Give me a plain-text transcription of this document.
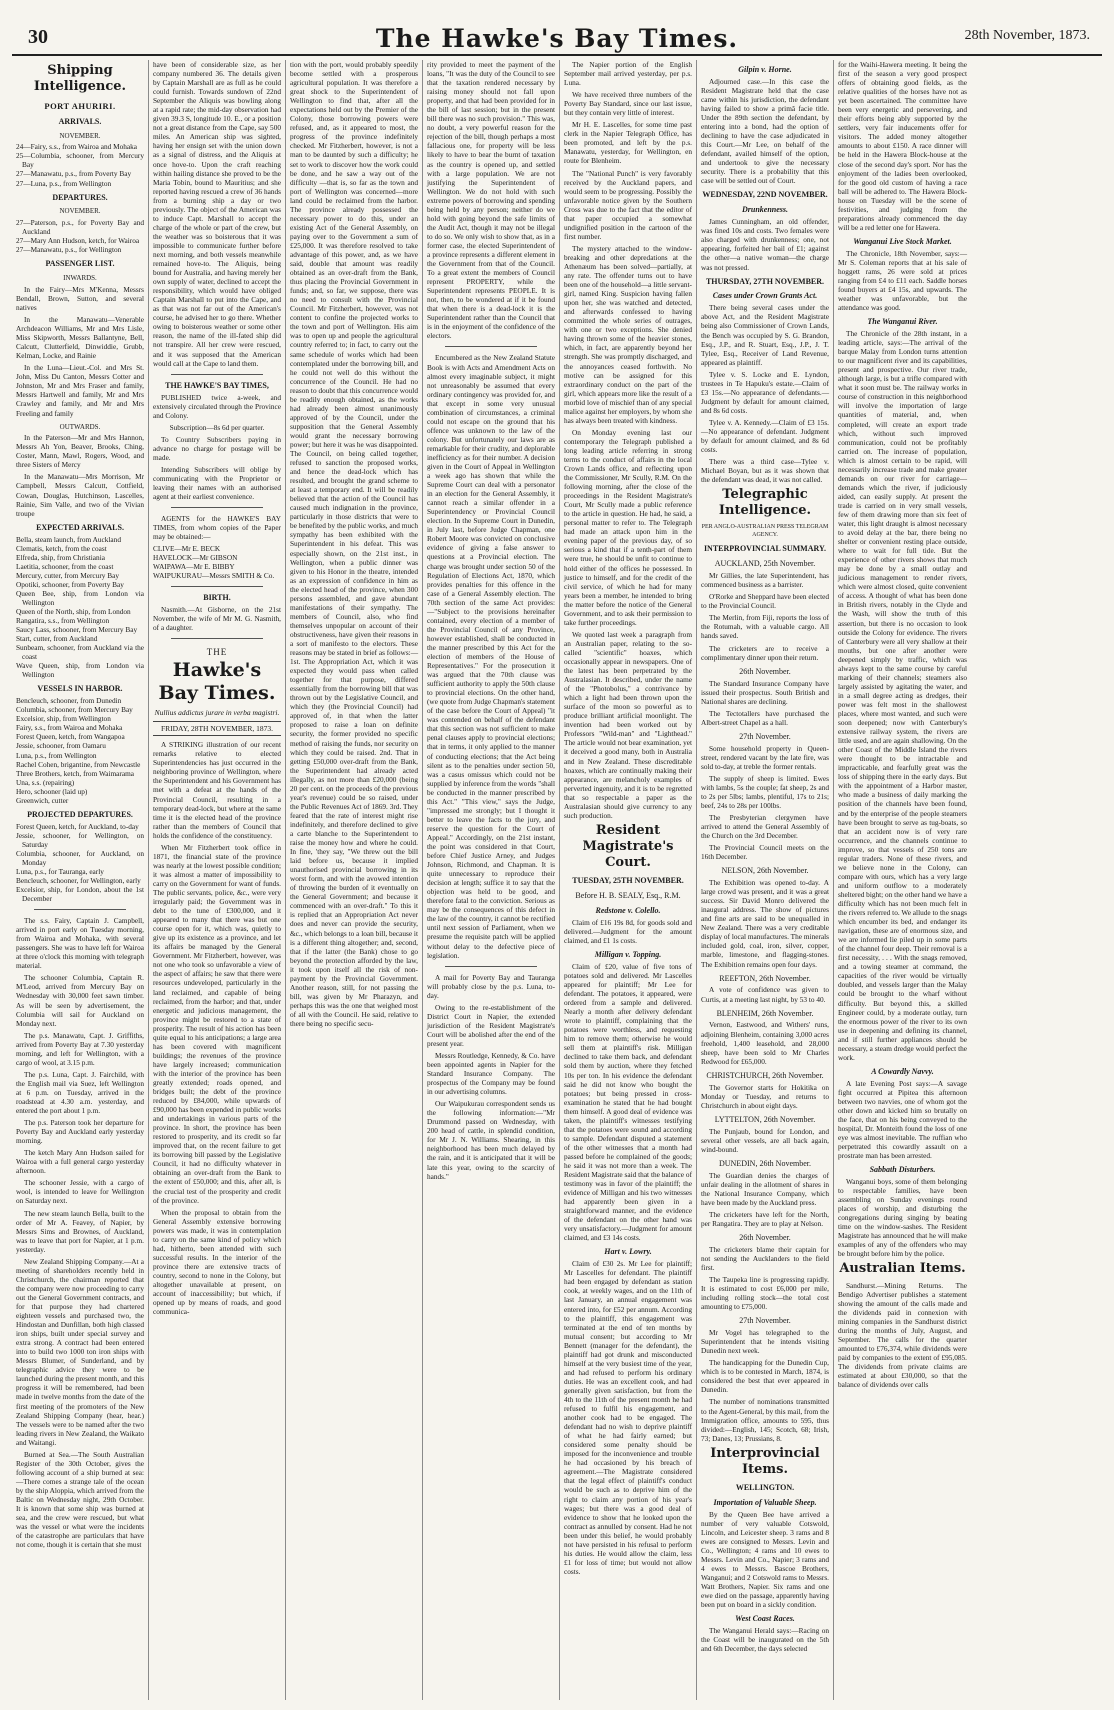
30	The Hawke's Bay Times.	28th November, 1873.
Shipping Intelligence.
PORT AHURIRI.
ARRIVALS.
NOVEMBER.
24—Fairy, s.s., from Wairoa and Mohaka
25—Columbia, schooner, from Mercury Bay
27—Manawatu, p.s., from Poverty Bay
27—Luna, p.s., from Wellington
DEPARTURES.
NOVEMBER.
27—Paterson, p.s., for Poverty Bay and Auckland
27—Mary Ann Hudson, ketch, for Wairoa
27—Manawatu, p.s., for Wellington
PASSENGER LIST.
INWARDS.

In the Fairy—Mrs M'Kenna, Messrs Bendall, Brown, Sutton, and several natives

In the Manawatu—Venerable Archdeacon Williams, Mr and Mrs Lisle, Miss Skipworth, Messrs Ballantyne, Bell, Calcutt, Clutterfield, Dinwiddie, Grubb, Kelman, Locke, and Rainie

In the Luna—Lieut.-Col. and Mrs St. John, Miss Du Canton, Messrs Cotter and Johnston, Mr and Mrs Fraser and family, Messrs Hartwell and family, Mr and Mrs Crawley and family, and Mr and Mrs Freeling and family

OUTWARDS.

In the Paterson—Mr and Mrs Hannon, Messrs Ah Yon, Beaver, Brooks, Ching, Coster, Mann, Mawl, Rogers, Wood, and three Sisters of Mercy

In the Manawatu—Mrs Morrison, Mr Campbell, Messrs Calcutt, Cottfield, Cowan, Douglas, Hutchinson, Lascelles, Rainie, Sim Valle, and two of the Vivian troupe

EXPECTED ARRIVALS.
Bella, steam launch, from Auckland
Clematis, ketch, from the coast
Elfreda, ship, from Christiania
Laetitia, schooner, from the coast
Mercury, cutter, from Mercury Bay
Opotiki, schooner, from Poverty Bay
Queen Bee, ship, from London via Wellington
Queen of the North, ship, from London
Rangatira, s.s., from Wellington
Saucy Lass, schooner, from Mercury Bay
Start, cutter, from Auckland
Sunbeam, schooner, from Auckland via the coast
Wave Queen, ship, from London via Wellington
VESSELS IN HARBOR.
Bencleuch, schooner, from Dunedin
Columbia, schooner, from Mercury Bay
Excelsior, ship, from Wellington
Fairy, s.s., from Wairoa and Mohaka
Forest Queen, ketch, from Wangapoa
Jessie, schooner, from Oamaru
Luna, p.s., from Wellington
Rachel Cohen, brigantine, from Newcastle
Three Brothers, ketch, from Waimarama
Una, s.s. (repairing)
Hero, schooner (laid up)
Greenwich, cutter
PROJECTED DEPARTURES.
Forest Queen, ketch, for Auckland, to-day
Jessie, schooner, for Wellington, on Saturday
Columbia, schooner, for Auckland, on Monday
Luna, p.s., for Tauranga, early
Bencleuch, schooner, for Wellington, early
Excelsior, ship, for London, about the 1st December

The s.s. Fairy, Captain J. Campbell, arrived in port early on Tuesday morning, from Wairoa and Mohaka, with several passengers. She was to have left for Wairoa at three o'clock this morning with telegraph material.

The schooner Columbia, Captain R. M'Leod, arrived from Mercury Bay on Wednesday with 30,000 feet sawn timber. As will be seen by advertisement, the Columbia will sail for Auckland on Monday next.

The p.s. Manawatu, Capt. J. Griffiths, arrived from Poverty Bay at 7.30 yesterday morning, and left for Wellington, with a cargo of wool, at 3.15 p.m.

The p.s. Luna, Capt. J. Fairchild, with the English mail via Suez, left Wellington at 6 p.m. on Tuesday, arrived in the roadstead at 4.30 a.m. yesterday, and entered the port about 1 p.m.

The p.s. Paterson took her departure for Poverty Bay and Auckland early yesterday morning.

The ketch Mary Ann Hudson sailed for Wairoa with a full general cargo yesterday afternoon.

The schooner Jessie, with a cargo of wool, is intended to leave for Wellington on Saturday next.

The new steam launch Bella, built to the order of Mr A. Feavey, of Napier, by Messrs Sims and Brownes, of Auckland, was to leave that port for Napier, at 1 p.m. yesterday.

New Zealand Shipping Company.—At a meeting of shareholders recently held in Christchurch, the chairman reported that the company were now proceeding to carry out the General Government contracts, and for that purpose they had chartered eighteen vessels and purchased two, the Hindostan and Dunfillan, both high classed iron ships, built under special survey and extra strong. A contract had been entered into to build two 1000 ton iron ships with Messrs Blumer, of Sunderland, and by telegraphic advice they were to be launched during the present month, and this progress it will be remembered, had been made in twelve months from the date of the first meeting of the promoters of the New Zealand Shipping Company (hear, hear.) The vessels were to be named after the two leading rivers in New Zealand, the Waikato and Waitangi.

Burned at Sea.—The South Australian Register of the 30th October, gives the following account of a ship burned at sea:—There comes a strange tale of the ocean by the ship Aloppia, which arrived from the Baltic on Wednesday night, 29th October. It is known that some ship was burned at sea, and the crew were rescued, but what was the vessel or what were the incidents of the catastrophe are particulars that have not come, though it is certain that she must

have been of considerable size, as her company numbered 36. The details given by Captain Marshall are as full as he could could furnish. Towards sundown of 22nd September the Aliquis was bowling along at a rapid rate; the mid-day observation had given 39.3 S, longitude 10. E., or a position not a great distance from the Cape, say 500 miles. An American ship was sighted, having her ensign set with the union down as a signal of distress, and the Aliquis at once hove-to. Upon the craft reaching within hailing distance she proved to be the Maria Tobin, bound to Mauritius; and she reported having rescued a crew of 36 hands from a burning ship a day or two previously. The object of the American was to induce Capt. Marshall to accept the charge of the whole or part of the crew, but the weather was so boisterous that it was impossible to communicate further before next morning, and both vessels meanwhile remained hove-to. The Aliquis, being bound for Australia, and having merely her own supply of water, declined to accept the responsibility, which would have obliged Captain Marshall to put into the Cape, and as that was not far out of the American's course, he advised her to go there. Whether owing to boisterous weather or some other reason, the name of the ill-fated ship did not transpire. All her crew were rescued, and it was supposed that the American would call at the Cape to land them.

THE HAWKE'S BAY TIMES,

PUBLISHED twice a-week, and extensively circulated through the Province and Colony.

Subscription—8s 6d per quarter.

To Country Subscribers paying in advance no charge for postage will be made.

Intending Subscribers will oblige by communicating with the Proprietor or leaving their names with an authorised agent at their earliest convenience.

AGENTS for the HAWKE'S BAY TIMES, from whom copies of the Paper may be obtained:—

CLIVE—Mr E. BECK
HAVELOCK—Mr GIBSON
WAIPAWA—Mr E. BIBBY
WAIPUKURAU—Messrs SMITH & Co.
BIRTH.

Nasmith.—At Gisborne, on the 21st November, the wife of Mr M. G. Nasmith, of a daughter.

THE
Hawke's Bay Times.
Nullius addictus jurare in verba magistri.
FRIDAY, 28TH NOVEMBER, 1873.

A STRIKING illustration of our recent remarks relative to elected Superintendencies has just occurred in the neighboring province of Wellington, where the Superintendent and his Government has met with a defeat at the hands of the Provincial Council, resulting in a temporary dead-lock, but where at the same time it is the elected head of the province rather than the members of Council that holds the confidence of the constituency.

When Mr Fitzherbert took office in 1871, the financial state of the province was nearly at the lowest possible condition; it was almost a matter of impossibility to carry on the Government for want of funds. The public servants, police, &c., were very irregularly paid; the Government was in debt to the tune of £300,000, and it appeared to many that there was but one course open for it, which was, quietly to give up its existence as a province, and let its affairs be managed by the General Government. Mr Fitzherbert, however, was not one who took so unfavorable a view of the aspect of affairs; he saw that there were resources undeveloped, particularly in the land reclaimed, and capable of being reclaimed, from the harbor; and that, under energetic and judicious management, the province might be restored to a state of prosperity. The result of his action has been quite equal to his anticipations; a large area has been covered with magnificent buildings; the revenues of the province have largely increased; communication with the interior of the province has been greatly extended; roads opened, and bridges built; the debt of the province reduced by £84,000, while upwards of £90,000 has been expended in public works and undertakings in various parts of the province. In short, the province has been restored to prosperity, and its credit so far improved that, on the recent failure to get its borrowing bill passed by the Legislative Council, it had no difficulty whatever in obtaining an over-draft from the Bank to the extent of £50,000; and this, after all, is the crucial test of the prosperity and credit of the province.

When the proposal to obtain from the General Assembly extensive borrowing powers was made, it was in contemplation to carry on the same kind of policy which had, hitherto, been attended with such successful results. In the interior of the province there are extensive tracts of country, second to none in the Colony, but altogether unavailable at present, on account of inaccessibility; but which, if opened up by means of roads, and good communica-

tion with the port, would probably speedily become settled with a prosperous agricultural population. It was therefore a great shock to the Superintendent of Wellington to find that, after all the expectations held out by the Premier of the Colony, those borrowing powers were refused, and, as it appeared to most, the progress of the province indefinitely checked. Mr Fitzherbert, however, is not a man to be daunted by such a difficulty; he set to work to discover how the work could be done, and he saw a way out of the difficulty —that is, so far as the town and port of Wellington was concerned—more land could be reclaimed from the harbor. The province already possessed the necessary power to do this, under an existing Act of the General Assembly, on paying over to the Government a sum of £25,000. It was therefore resolved to take advantage of this power, and, as we have said, double that amount was readily obtained as an over-draft from the Bank, thus placing the Provincial Government in funds; and, so far, we suppose, there was no need to consult with the Provincial Council. Mr Fitzherbert, however, was not content to confine the projected works to the town and port of Wellington. His aim was to open up and people the agricultural country referred to; in fact, to carry out the same schedule of works which had been contemplated under the borrowing bill, and he could not well do this without the concurrence of the Council. He had no reason to doubt that this concurrence would be readily enough obtained, as the works had already been almost unanimously approved of by the Council, under the supposition that the General Assembly would grant the necessary borrowing power; but here it was he was disappointed. The Council, on being called together, refused to sanction the proposed works, and hence the dead-lock which has resulted, and brought the grand scheme to at least a temporary end. It will be readily believed that the action of the Council has caused much indignation in the province, particularly in those districts that were to be benefited by the public works, and much sympathy has been exhibited with the Superintendent in his defeat. This was especially shown, on the 21st inst., in Wellington, when a public dinner was given to his Honor in the theatre, intended as an expression of confidence in him as the elected head of the province, when 300 persons assembled, and gave abundant manifestations of their sympathy. The members of Council, also, who find themselves unpopular on account of their obstructiveness, have given their reasons in a sort of manifesto to the electors. These reasons may be stated in brief as follows:—1st. The Appropriation Act, which it was expected they would pass when called together for that purpose, differed essentially from the borrowing bill that was thrown out by the Legislative Council, and which they (the Provincial Council) had approved of, in that when the latter proposed to raise a loan on definite security, the former provided no specific method of raising the funds, nor security on which they could be raised. 2nd. That in getting £50,000 over-draft from the Bank, the Superintendent had already acted illegally, as not more than £20,000 (being 20 per cent. on the proceeds of the previous year's revenue) could be so raised, under the Public Revenues Act of 1869. 3rd. They feared that the rate of interest might rise indefinitely, and therefore declined to give a carte blanche to the Superintendent to raise the money how and where he could. In fine, 'they say, "We threw out the bill laid before us, because it implied unauthorised provincial borrowing in its worst form, and with the avowed intention of throwing the burden of it eventually on the General Government; and because it commenced with an over-draft." To this it is replied that an Appropriation Act never does and never can provide the security, &c., which belongs to a loan bill, because it is a different thing altogether; and, second, that if the latter (the Bank) chose to go beyond the protection afforded by the law, it took upon itself all the risk of non-payment by the Provincial Government. Another reason, still, for not passing the bill, was given by Mr Pharazyn, and perhaps this was the one that weighed most of all with the Council. He said, relative to there being no specific secu-

rity provided to meet the payment of the loans, "It was the duty of the Council to see that the taxation rendered necessary by raising money should not fall upon property, and that had been provided for in the bill of last session; but in the present bill there was no such provision." This was, no doubt, a very powerful reason for the rejection of the bill, though perhaps a most fallacious one, for property will be less likely to have to bear the burnt of taxation as the country is opened up, and settled with a large population. We are not justifying the Superintendent of Wellington. We do not hold with such extreme powers of borrowing and spending being held by any person; neither do we hold with going beyond the safe limits of the Audit Act, though it may not be illegal to do so. We only wish to show that, as in a former case, the elected Superintendent of a province represents a different element in the Government from that of the Council. To a great extent the members of Council represent PROPERTY, while the Superintendent represents PEOPLE. It is not, then, to be wondered at if it be found that when there is a dead-lock it is the Superintendent rather than the Council that is in the enjoyment of the confidence of the electors.

Encumbered as the New Zealand Statute Book is with Acts and Amendment Acts on almost every imaginable subject, it might not unreasonably be assumed that every ordinary contingency was provided for, and that except in some very unusual combination of circumstances, a criminal could not escape on the ground that his offence was unknown to the law of the colony. But unfortunately our laws are as remarkable for their crudity, and deplorable inefficiency as for their number. A decision given in the Court of Appeal in Wellington a week ago has shown that while the Supreme Court can deal with a personator in an election for the General Assembly, it cannot reach a similar offender in a Superintendency or Provincial Council election. In the Supreme Court in Dunedin, in July last, before Judge Chapman, one Robert Moore was convicted on conclusive evidence of giving a false answer to questions at a Provincial election. The charge was brought under section 50 of the Regulation of Elections Act, 1870, which provides penalties for this offence in the case of a General Assembly election. The 70th section of the same Act provides:—"Subject to the provisions hereinafter contained, every election of a member of the Provincial Council of any Province, however established, shall be conducted in the manner prescribed by this Act for the election of members of the House of Representatives." For the prosecution it was argued that the 70th clause was sufficient authority to apply the 50th clause to provincial elections. On the other hand, (we quote from Judge Chapman's statement of the case before the Court of Appeal) "it was contended on behalf of the defendant that this section was not sufficient to make penal clauses apply to provincial elections; that in terms, it only applied to the manner of conducting elections; that the Act being silent as to the penalties under section 50, was a casus omissus which could not be supplied by inference from the words "shall be conducted in the manner prescribed by this Act." "This view," says the Judge, "impressed me strongly; but I thought it better to leave the facts to the jury, and reserve the question for the Court of Appeal." Accordingly, on the 21st instant, the point was considered in that Court, before Chief Justice Arney, and Judges Johnson, Richmond, and Chapman. It is quite unnecessary to reproduce their decision at length; suffice it to say that the objection was held to be good, and therefore fatal to the conviction. Serious as may be the consequences of this defect in the law of the country, it cannot be rectified until next session of Parliament, when we presume the requisite patch will be applied without delay to the defective piece of legislation.

A mail for Poverty Bay and Tauranga will probably close by the p.s. Luna, to-day.

Owing to the re-establishment of the District Court in Napier, the extended jurisdiction of the Resident Magistrate's Court will be abolished after the end of the present year.

Messrs Routledge, Kennedy, & Co. have been appointed agents in Napier for the Standard Insurance Company. The prospectus of the Company may be found in our advertising columns.

Our Waipukurau correspondent sends us the following information:—"Mr Drummond passed on Wednesday, with 200 head of cattle, in splendid condition, for Mr J. N. Williams. Shearing, in this neighborhood has been much delayed by the rain, and it is anticipated that it will be late this year, owing to the scarcity of hands."

The Napier portion of the English September mail arrived yesterday, per p.s. Luna.

We have received three numbers of the Poverty Bay Standard, since our last issue, but they contain very little of interest.

Mr H. E. Lascelles, for some time past clerk in the Napier Telegraph Office, has been promoted, and left by the p.s. Manawatu, yesterday, for Wellington, en route for Blenheim.

The "National Punch" is very favorably received by the Auckland papers, and would seem to be progressing. Possibly the unfavorable notice given by the Southern Cross was due to the fact that the editor of that paper occupied a somewhat undignified position in the cartoon of the first number.

The mystery attached to the window-breaking and other depredations at the Athenæum has been solved—partially, at any rate. The offender turns out to have been one of the household—a little servant-girl, named King. Suspicion having fallen upon her, she was watched and detected, and afterwards confessed to having committed the whole series of outrages, with one or two exceptions. She denied having thrown some of the heavier stones, which, in fact, are apparently beyond her strength. She was promptly discharged, and the annoyances ceased forthwith. No motive can be assigned for this extraordinary conduct on the part of the girl, which appears more like the result of a morbid love of mischief than of any special malice against her employers, by whom she has always been treated with kindness.

On Monday evening last our contemporary the Telegraph published a long leading article referring in strong terms to the conduct of affairs in the local Crown Lands office, and reflecting upon the Commissioner, Mr Scully, R.M. On the following morning, after the close of the proceedings in the Resident Magistrate's Court, Mr Scully made a public reference to the article in question. He had, he said, a personal matter to refer to. The Telegraph had made an attack upon him in the evening paper of the previous day, of so serious a kind that if a tenth-part of them were true, he should be unfit to continue to hold either of the offices he possessed. In justice to himself, and for the credit of the civil service, of which he had for many years been a member, he intended to bring the matter before the notice of the General Government, and to ask their permission to take further proceedings.

We quoted last week a paragraph from an Australian paper, relating to the so-called "scientific" hoaxes, which occasionally appear in newspapers. One of the latest has been perpetrated by the Australasian. It described, under the name of the "Photobolus," a contrivance by which a light had been thrown upon the surface of the moon so powerful as to produce brilliant artificial moonlight. The invention had been worked out by Professors "Wild-man" and "Lighthead." The article would not bear examination, yet it deceived a good many, both in Australia and in New Zealand. These discreditable hoaxes, which are continually making their appearance, are melancholy examples of perverted ingenuity, and it is to be regretted that so respectable a paper as the Australasian should give currency to any such production.

Resident Magistrate's Court.
TUESDAY, 25TH NOVEMBER.
Before H. B. SEALY, Esq., R.M.
Redstone v. Colello.

Claim of £16 19s 8d, for goods sold and delivered.—Judgment for the amount claimed, and £1 1s costs.

Milligan v. Topping.

Claim of £20, value of five tons of potatoes sold and delivered. Mr Lascelles appeared for plaintiff; Mr Lee for defendant. The potatoes, it appeared, were ordered from a sample and delivered. Nearly a month after delivery defendant wrote to plaintiff, complaining that the potatoes were worthless, and requesting him to remove them; otherwise he would sell them at plaintiff's risk. Milligan declined to take them back, and defendant sold them by auction, where they fetched 10s per ton. In his evidence the defendant said he did not know who bought the potatoes; but being pressed in cross-examination he stated that he had bought them himself. A good deal of evidence was taken, the plaintiff's witnesses testifying that the potatoes were sound and according to sample. Defendant disputed a statement of the other witnesses that a month had passed before he complained of the goods; he said it was not more than a week. The Resident Magistrate said that the balance of testimony was in favor of the plaintiff; the evidence of Milligan and his two witnesses had apparently been given in a straightforward manner, and the evidence of the defendant on the other hand was very unsatisfactory.—Judgment for amount claimed, and £3 14s costs.

Hart v. Lowry.

Claim of £30 2s. Mr Lee for plaintiff; Mr Lascelles for defendant. The plaintiff had been engaged by defendant as station cook, at weekly wages, and on the 11th of last January, an annual engagement was entered into, for £52 per annum. According to the plaintiff, this engagement was terminated at the end of ten months by mutual consent; but according to Mr Bennett (manager for the defendant), the plaintiff had got drunk and misconducted himself at the very busiest time of the year, and had refused to perform his ordinary duties. He was an excellent cook, and had generally given satisfaction, but from the 4th to the 11th of the present month he had refused to fulfil his engagement, and another cook had to be engaged. The defendant had no wish to deprive plaintiff of what he had fairly earned; but considered some penalty should be imposed for the inconvenience and trouble he had occasioned by his breach of agreement.—The Magistrate considered that the legal effect of plaintiff's conduct would be such as to deprive him of the right to claim any portion of his year's wages; but there was a good deal of evidence to show that he looked upon the contract as annulled by consent. Had he not been under this belief, he would probably not have persisted in his refusal to perform his duties. He would allow the claim, less £1 for loss of time; but would not allow costs.

Gilpin v. Horne.

Adjourned case.—In this case the Resident Magistrate held that the case came within his jurisdiction, the defendant having failed to show a primâ facie title. Under the 89th section the defendant, by entering into a bond, had the option of declining to have the case adjudicated in this Court.—Mr Lee, on behalf of the defendant, availed himself of the option, and undertook to give the necessary security. There is a probability that this case will be settled out of Court.

WEDNESDAY, 22ND NOVEMBER.
Drunkenness.

James Cunningham, an old offender, was fined 10s and costs. Two females were also charged with drunkenness; one, not appearing, forfeited her bail of £1; against the other—a native woman—the charge was not pressed.

THURSDAY, 27TH NOVEMBER.
Cases under Crown Grants Act.

There being several cases under the above Act, and the Resident Magistrate being also Commissioner of Crown Lands, the Bench was occupied by S. G. Brandon, Esq., J.P., and R. Stuart, Esq., J.P., J. T. Tylee, Esq., Receiver of Land Revenue, appeared as plaintiff.

Tylee v. S. Locke and E. Lyndon, trustees in Te Hapuku's estate.—Claim of £3 15s.—No appearance of defendants.—Judgment by default for amount claimed, and 8s 6d costs.

Tylee v. A. Kennedy.—Claim of £3 15s. —No appearance of defendant. Judgment by default for amount claimed, and 8s 6d costs.

There was a third case—Tylee v. Michael Boyan, but as it was shown that the defendant was dead, it was not called.

Telegraphic Intelligence.
PER ANGLO-AUSTRALIAN PRESS TELEGRAM AGENCY.
INTERPROVINCIAL SUMMARY.
AUCKLAND, 25th November.

Mr Gillies, the late Superintendent, has commenced business as a barrister.

O'Rorke and Sheppard have been elected to the Provincial Council.

The Merlin, from Fiji, reports the loss of the Rotumah, with a valuable cargo. All hands saved.

The cricketers are to receive a complimentary dinner upon their return.

26th November.

The Standard Insurance Company have issued their prospectus. South British and National shares are declining.

The Tectotallers have purchased the Albert-street Chapel as a hall.

27th November.

Some household property in Queen-street, rendered vacant by the late fire, was sold to-day, at treble the former rentals.

The supply of sheep is limited. Ewes with lambs, 5s the couple; fat sheep, 2s and to 2s per 5lbs; lambs, plentiful, 17s to 21s; beef, 24s to 28s per 100lbs.

The Presbyterian clergymen have arrived to attend the General Assembly of the Church on the 3rd December.

The Provincial Council meets on the 16th December.

NELSON, 26th November.

The Exhibition was opened to-day. A large crowd was present, and it was a great success. Sir David Monro delivered the inaugural address. The show of pictures and fine arts are said to be unequalled in New Zealand. There was a very creditable display of local manufactures. The minerals included gold, coal, iron, silver, copper, marble, limestone, and flagging-stones. The Exhibition remains open four days.

REEFTON, 26th November.

A vote of confidence was given to Curtis, at a meeting last night, by 53 to 40.

BLENHEIM, 26th November.

Vernon, Eastwood, and Withers' runs, adjoining Blenheim, containing 3,000 acres freehold, 1,400 leasehold, and 28,000 sheep, have been sold to Mr Charles Redwood for £65,000.

CHRISTCHURCH, 26th November.

The Governor starts for Hokitika on Monday or Tuesday, and returns to Christchurch in about eight days.

LYTTELTON, 26th November.

The Punjaub, bound for London, and several other vessels, are all back again, wind-bound.

DUNEDIN, 26th November.

The Guardian denies the charges of unfair dealing in the allotment of shares in the National Insurance Company, which have been made by the Auckland press.

The cricketers have left for the North, per Rangatira. They are to play at Nelson.

26th November.

The cricketers blame their captain for not sending the Aucklanders to the field first.

The Taupeka line is progressing rapidly. It is estimated to cost £6,000 per mile, including rolling stock—the total cost amounting to £75,000.

27th November.

Mr Vogel has telegraphed to the Superintendent that he intends visiting Dunedin next week.

The handicapping for the Dunedin Cup, which is to be contested in March, 1874, is considered the best that ever appeared in Dunedin.

The number of nominations transmitted to the Agent-General, by this mail, from the Immigration office, amounts to 595, thus divided:—English, 145; Scotch, 68; Irish, 73; Danes, 13; Prussians, 8.

Interprovincial Items.
WELLINGTON.
Importation of Valuable Sheep.

By the Queen Bee have arrived a number of very valuable Cotswold, Lincoln, and Leicester sheep. 3 rams and 8 ewes are consigned to Messrs. Levin and Co., Wellington; 4 rams and 10 ewes to Messrs. Levin and Co., Napier; 3 rams and 4 ewes to Messrs. Bascoe Brothers, Wanganui; and 2 Cotswold rams to Messrs. Watt Brothers, Napier. Six rams and one ewe died on the passage, apparently having been put on board in a sickly condition.

West Coast Races.

The Wanganui Herald says:—Racing on the Coast will be inaugurated on the 5th and 6th December, the days selected

for the Waihi-Hawera meeting. It being the first of the season a very good prospect offers of obtaining good fields, as the relative qualities of the horses have not as yet been ascertained. The committee have been very energetic and persevering, and their efforts being ably supported by the settlers, very fair inducements offer for visitors. The added money altogether amounts to about £150. A race dinner will be held in the Hawera Block-house at the close of the second day's sport. Nor has the enjoyment of the ladies been overlooked, for the good old custom of having a race ball will be adhered to. The Hawera Block-house on Tuesday will be the scene of festivities, and judging from the preparations already commenced the day will be a red letter one for Hawera.

Wanganui Live Stock Market.

The Chronicle, 18th November, says:—Mr S. Coleman reports that at his sale of hoggett rams, 26 were sold at prices ranging from £4 to £11 each. Saddle horses found buyers at £4 15s, and upwards. The weather was unfavorable, but the attendance was good.

The Wanganui River.

The Chronicle of the 28th instant, in a leading article, says:—The arrival of the barque Malay from London turns attention to our magnificent river and its capabilities, present and prospective. Our river trade, although large, is but a trifle compared with what it soon must be. The railway works in course of construction in this neighborhood will involve the importation of large quantities of material, and, when completed, will create an export trade which, without such improved communication, could not be profitably carried on. The increase of population, which is almost certain to be rapid, will necessarily increase trade and make greater demands on our river for carriage—demands which the river, if judiciously aided, can easily supply. At present the trade is carried on in very small vessels, few of them drawing more than six feet of water, this light draught is almost necessary to avoid delay at the bar, there being no shelter or convenient resting place outside, where to wait for full tide. But the experience of other rivers shows that much may be done by a small outlay and judicious management to render rivers, which were almost closed, quite convenient of access. A thought of what has been done in British rivers, notably in the Clyde and the Wash, will show the truth of this assertion, but there is no occasion to look outside the Colony for evidence. The rivers of Canterbury were all very shallow at their mouths, but one after another were deepened simply by traffic, which was always kept to the same course by careful marking of their channels; steamers also largely assisted by agitating the water, and in a small degree acting as dredges, their power was felt most in the shallowest places, where most wanted, and such were soon deepened; now with Canterbury's extensive railway system, the rivers are little used, and are again shallowing. On the other Coast of the Middle Island the rivers were thought to be intractable and impracticable, and fearfully great was the loss of shipping there in the early days. But with the appointment of a Harbor master, who made a business of daily marking the position of the channels have been found, and by the enterprise of the people steamers have been brought to serve as tug-boats, so that an accident now is of very rare occurrence, and the channels continue to improve, so that vessels of 250 tons are regular traders. None of these rivers, and we believe none in the Colony, can compare with ours, which has a very large and uniform outflow to a moderately sheltered bight; on the other hand we have a difficulty which has not been much felt in the rivers referred to. We allude to the snags which encumber its bed, and endanger its navigation, these are of enormous size, and we are informed lie piled up in some parts of the channel four deep. Their removal is a first necessity, . . . With the snags removed, and a towing steamer at command, the capacities of the river would be virtually doubled, and vessels larger than the Malay could be brought to the wharf without difficulty. But beyond this, a skilled Engineer could, by a moderate outlay, turn the enormous power of the river to its own use in deepening and defining its channel, and if still further appliances should be necessary, a steam dredge would perfect the work.

A Cowardly Navvy.

A late Evening Post says:—A savage fight occurred at Pipitea this afternoon between two navvies, one of whom got the other down and kicked him so brutally on the face, that on his being conveyed to the hospital, Dr. Monteith found the loss of one eye was almost inevitable. The ruffian who perpetrated this cowardly assault on a prostrate man has been arrested.

Sabbath Disturbers.

Wanganui boys, some of them belonging to respectable families, have been assembling on Sunday evenings round places of worship, and disturbing the congregations during singing by beating time on the window-sashes. The Resident Magistrate has announced that he will make examples of any of the offenders who may be brought before him by the police.

Australian Items.

Sandhurst.—Mining Returns. The Bendigo Advertiser publishes a statement showing the amount of the calls made and the dividends paid in connexion with mining companies in the Sandhurst district during the months of July, August, and September. The calls for the quarter amounted to £76,374, while dividends were paid by companies to the extent of £95,085. The dividends from private claims are estimated at about £30,000, so that the balance of dividends over calls
